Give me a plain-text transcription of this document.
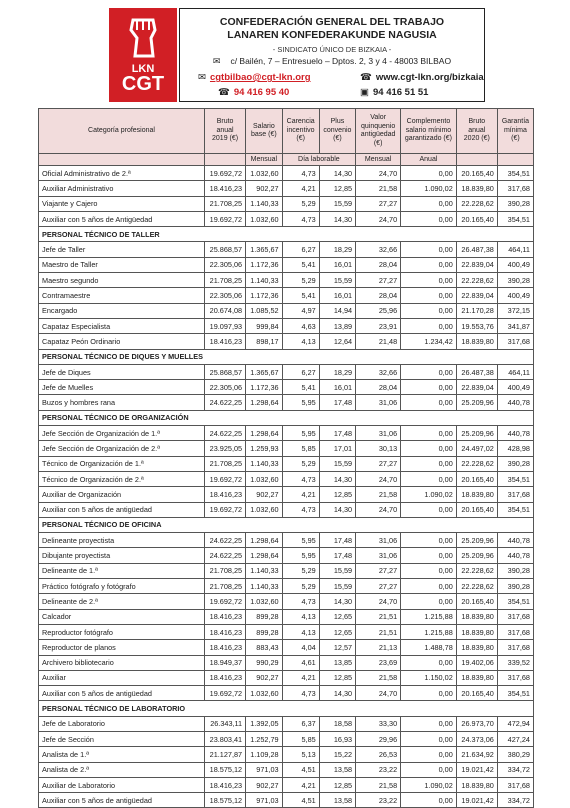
LKN
CGT
CONFEDERACIÓN GENERAL DEL TRABAJO
LANAREN KONFEDERAKUNDE NAGUSIA
- SINDICATO ÚNICO DE BIZKAIA -
✉ c/ Bailén, 7 – Entresuelo – Dptos. 2, 3 y 4 - 48003 BILBAO
✉ cgtbilbao@cgt-lkn.org	☎ www.cgt-lkn.org/bizkaia
☎ 94 416 95 40	▣ 94 416 51 51
Categoría profesional	Bruto anual 2019 (€)	Salario base (€)	Carencia incentivo (€)	Plus convenio (€)	Valor quinquenio antigüedad (€)	Complemento salario mínimo garantizado (€)	Bruto anual 2020 (€)	Garantía mínima (€)
		Mensual	Día laborable		Mensual	Anual		
Oficial Administrativo de 2.ª	19.692,72	1.032,60	4,73	14,30	24,70	0,00	20.165,40	354,51
Auxiliar Administrativo	18.416,23	902,27	4,21	12,85	21,58	1.090,02	18.839,80	317,68
Viajante y Cajero	21.708,25	1.140,33	5,29	15,59	27,27	0,00	22.228,62	390,28
Auxiliar con 5 años de Antigüedad	19.692,72	1.032,60	4,73	14,30	24,70	0,00	20.165,40	354,51
PERSONAL TÉCNICO DE TALLER								
Jefe de Taller	25.868,57	1.365,67	6,27	18,29	32,66	0,00	26.487,38	464,11
Maestro de Taller	22.305,06	1.172,36	5,41	16,01	28,04	0,00	22.839,04	400,49
Maestro segundo	21.708,25	1.140,33	5,29	15,59	27,27	0,00	22.228,62	390,28
Contramaestre	22.305,06	1.172,36	5,41	16,01	28,04	0,00	22.839,04	400,49
Encargado	20.674,08	1.085,52	4,97	14,94	25,96	0,00	21.170,28	372,15
Capataz Especialista	19.097,93	999,84	4,63	13,89	23,91	0,00	19.553,76	341,87
Capataz Peón Ordinario	18.416,23	898,17	4,13	12,64	21,48	1.234,42	18.839,80	317,68
PERSONAL TÉCNICO DE DIQUES Y MUELLES								
Jefe de Diques	25.868,57	1.365,67	6,27	18,29	32,66	0,00	26.487,38	464,11
Jefe de Muelles	22.305,06	1.172,36	5,41	16,01	28,04	0,00	22.839,04	400,49
Buzos y hombres rana	24.622,25	1.298,64	5,95	17,48	31,06	0,00	25.209,96	440,78
PERSONAL TÉCNICO DE ORGANIZACIÓN								
Jefe Sección de Organización de 1.ª	24.622,25	1.298,64	5,95	17,48	31,06	0,00	25.209,96	440,78
Jefe Sección de Organización de 2.ª	23.925,05	1.259,93	5,85	17,01	30,13	0,00	24.497,02	428,98
Técnico de Organización de 1.ª	21.708,25	1.140,33	5,29	15,59	27,27	0,00	22.228,62	390,28
Técnico de Organización de 2.ª	19.692,72	1.032,60	4,73	14,30	24,70	0,00	20.165,40	354,51
Auxiliar de Organización	18.416,23	902,27	4,21	12,85	21,58	1.090,02	18.839,80	317,68
Auxiliar con 5 años de antigüedad	19.692,72	1.032,60	4,73	14,30	24,70	0,00	20.165,40	354,51
PERSONAL TÉCNICO DE OFICINA								
Delineante proyectista	24.622,25	1.298,64	5,95	17,48	31,06	0,00	25.209,96	440,78
Dibujante proyectista	24.622,25	1.298,64	5,95	17,48	31,06	0,00	25.209,96	440,78
Delineante de 1.ª	21.708,25	1.140,33	5,29	15,59	27,27	0,00	22.228,62	390,28
Práctico fotógrafo y fotógrafo	21.708,25	1.140,33	5,29	15,59	27,27	0,00	22.228,62	390,28
Delineante de 2.ª	19.692,72	1.032,60	4,73	14,30	24,70	0,00	20.165,40	354,51
Calcador	18.416,23	899,28	4,13	12,65	21,51	1.215,88	18.839,80	317,68
Reproductor fotógrafo	18.416,23	899,28	4,13	12,65	21,51	1.215,88	18.839,80	317,68
Reproductor de planos	18.416,23	883,43	4,04	12,57	21,13	1.488,78	18.839,80	317,68
Archivero bibliotecario	18.949,37	990,29	4,61	13,85	23,69	0,00	19.402,06	339,52
Auxiliar	18.416,23	902,27	4,21	12,85	21,58	1.150,02	18.839,80	317,68
Auxiliar con 5 años de antigüedad	19.692,72	1.032,60	4,73	14,30	24,70	0,00	20.165,40	354,51
PERSONAL TÉCNICO DE LABORATORIO								
Jefe de Laboratorio	26.343,11	1.392,05	6,37	18,58	33,30	0,00	26.973,70	472,94
Jefe de Sección	23.803,41	1.252,79	5,85	16,93	29,96	0,00	24.373,06	427,24
Analista de 1.ª	21.127,87	1.109,28	5,13	15,22	26,53	0,00	21.634,92	380,29
Analista de 2.ª	18.575,12	971,03	4,51	13,58	23,22	0,00	19.021,42	334,72
Auxiliar de Laboratorio	18.416,23	902,27	4,21	12,85	21,58	1.090,02	18.839,80	317,68
Auxiliar con 5 años de antigüedad	18.575,12	971,03	4,51	13,58	23,22	0,00	19.021,42	334,72
